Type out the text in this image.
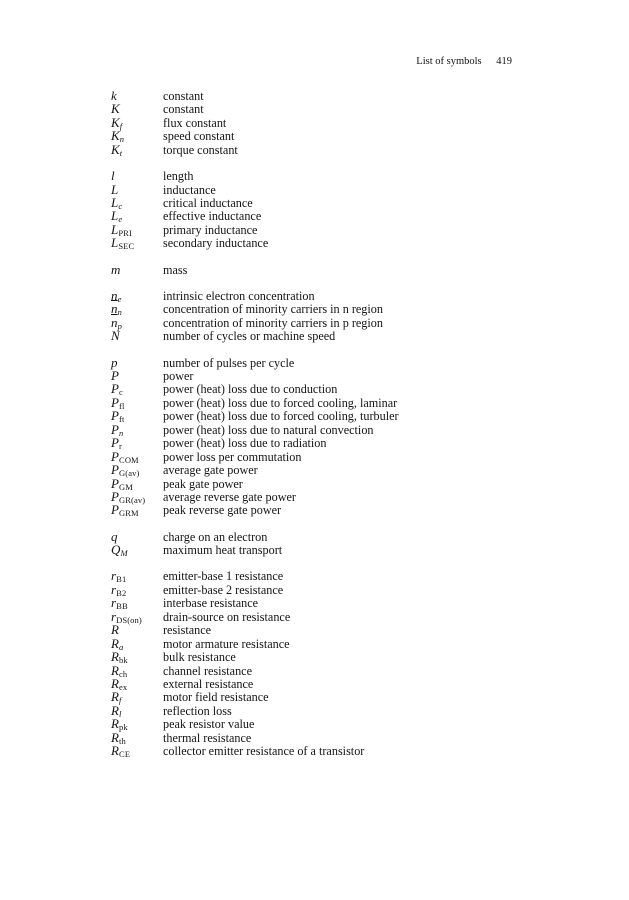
List of symbols 419
k	constant
K	constant
$K_f$	flux constant
$K_n$	speed constant
$K_t$	torque constant
l	length
L	inductance
$L_c$	critical inductance
$L_e$	effective inductance
$L_{PRI}$	primary inductance
$L_{SEC}$	secondary inductance
m	mass
$n_e$	intrinsic electron concentration
$\overline{n}_n$	concentration of minority carriers in n region
$\overline{n}_p$	concentration of minority carriers in p region
N	number of cycles or machine speed
p	number of pulses per cycle
P	power
$P_c$	power (heat) loss due to conduction
$P_{fl}$	power (heat) loss due to forced cooling, laminar
$P_{ft}$	power (heat) loss due to forced cooling, turbuler
$P_n$	power (heat) loss due to natural convection
$P_r$	power (heat) loss due to radiation
$P_{COM}$	power loss per commutation
$P_{G(av)}$	average gate power
$P_{GM}$	peak gate power
$P_{GR(av)}$	average reverse gate power
$P_{GRM}$	peak reverse gate power
q	charge on an electron
$Q_M$	maximum heat transport
$r_{B1}$	emitter-base 1 resistance
$r_{B2}$	emitter-base 2 resistance
$r_{BB}$	interbase resistance
$r_{DS(on)}$	drain-source on resistance
R	resistance
$R_a$	motor armature resistance
$R_{bk}$	bulk resistance
$R_{ch}$	channel resistance
$R_{ex}$	external resistance
$R_f$	motor field resistance
$R_l$	reflection loss
$R_{pk}$	peak resistor value
$R_{th}$	thermal resistance
$R_{CE}$	collector emitter resistance of a transistor
